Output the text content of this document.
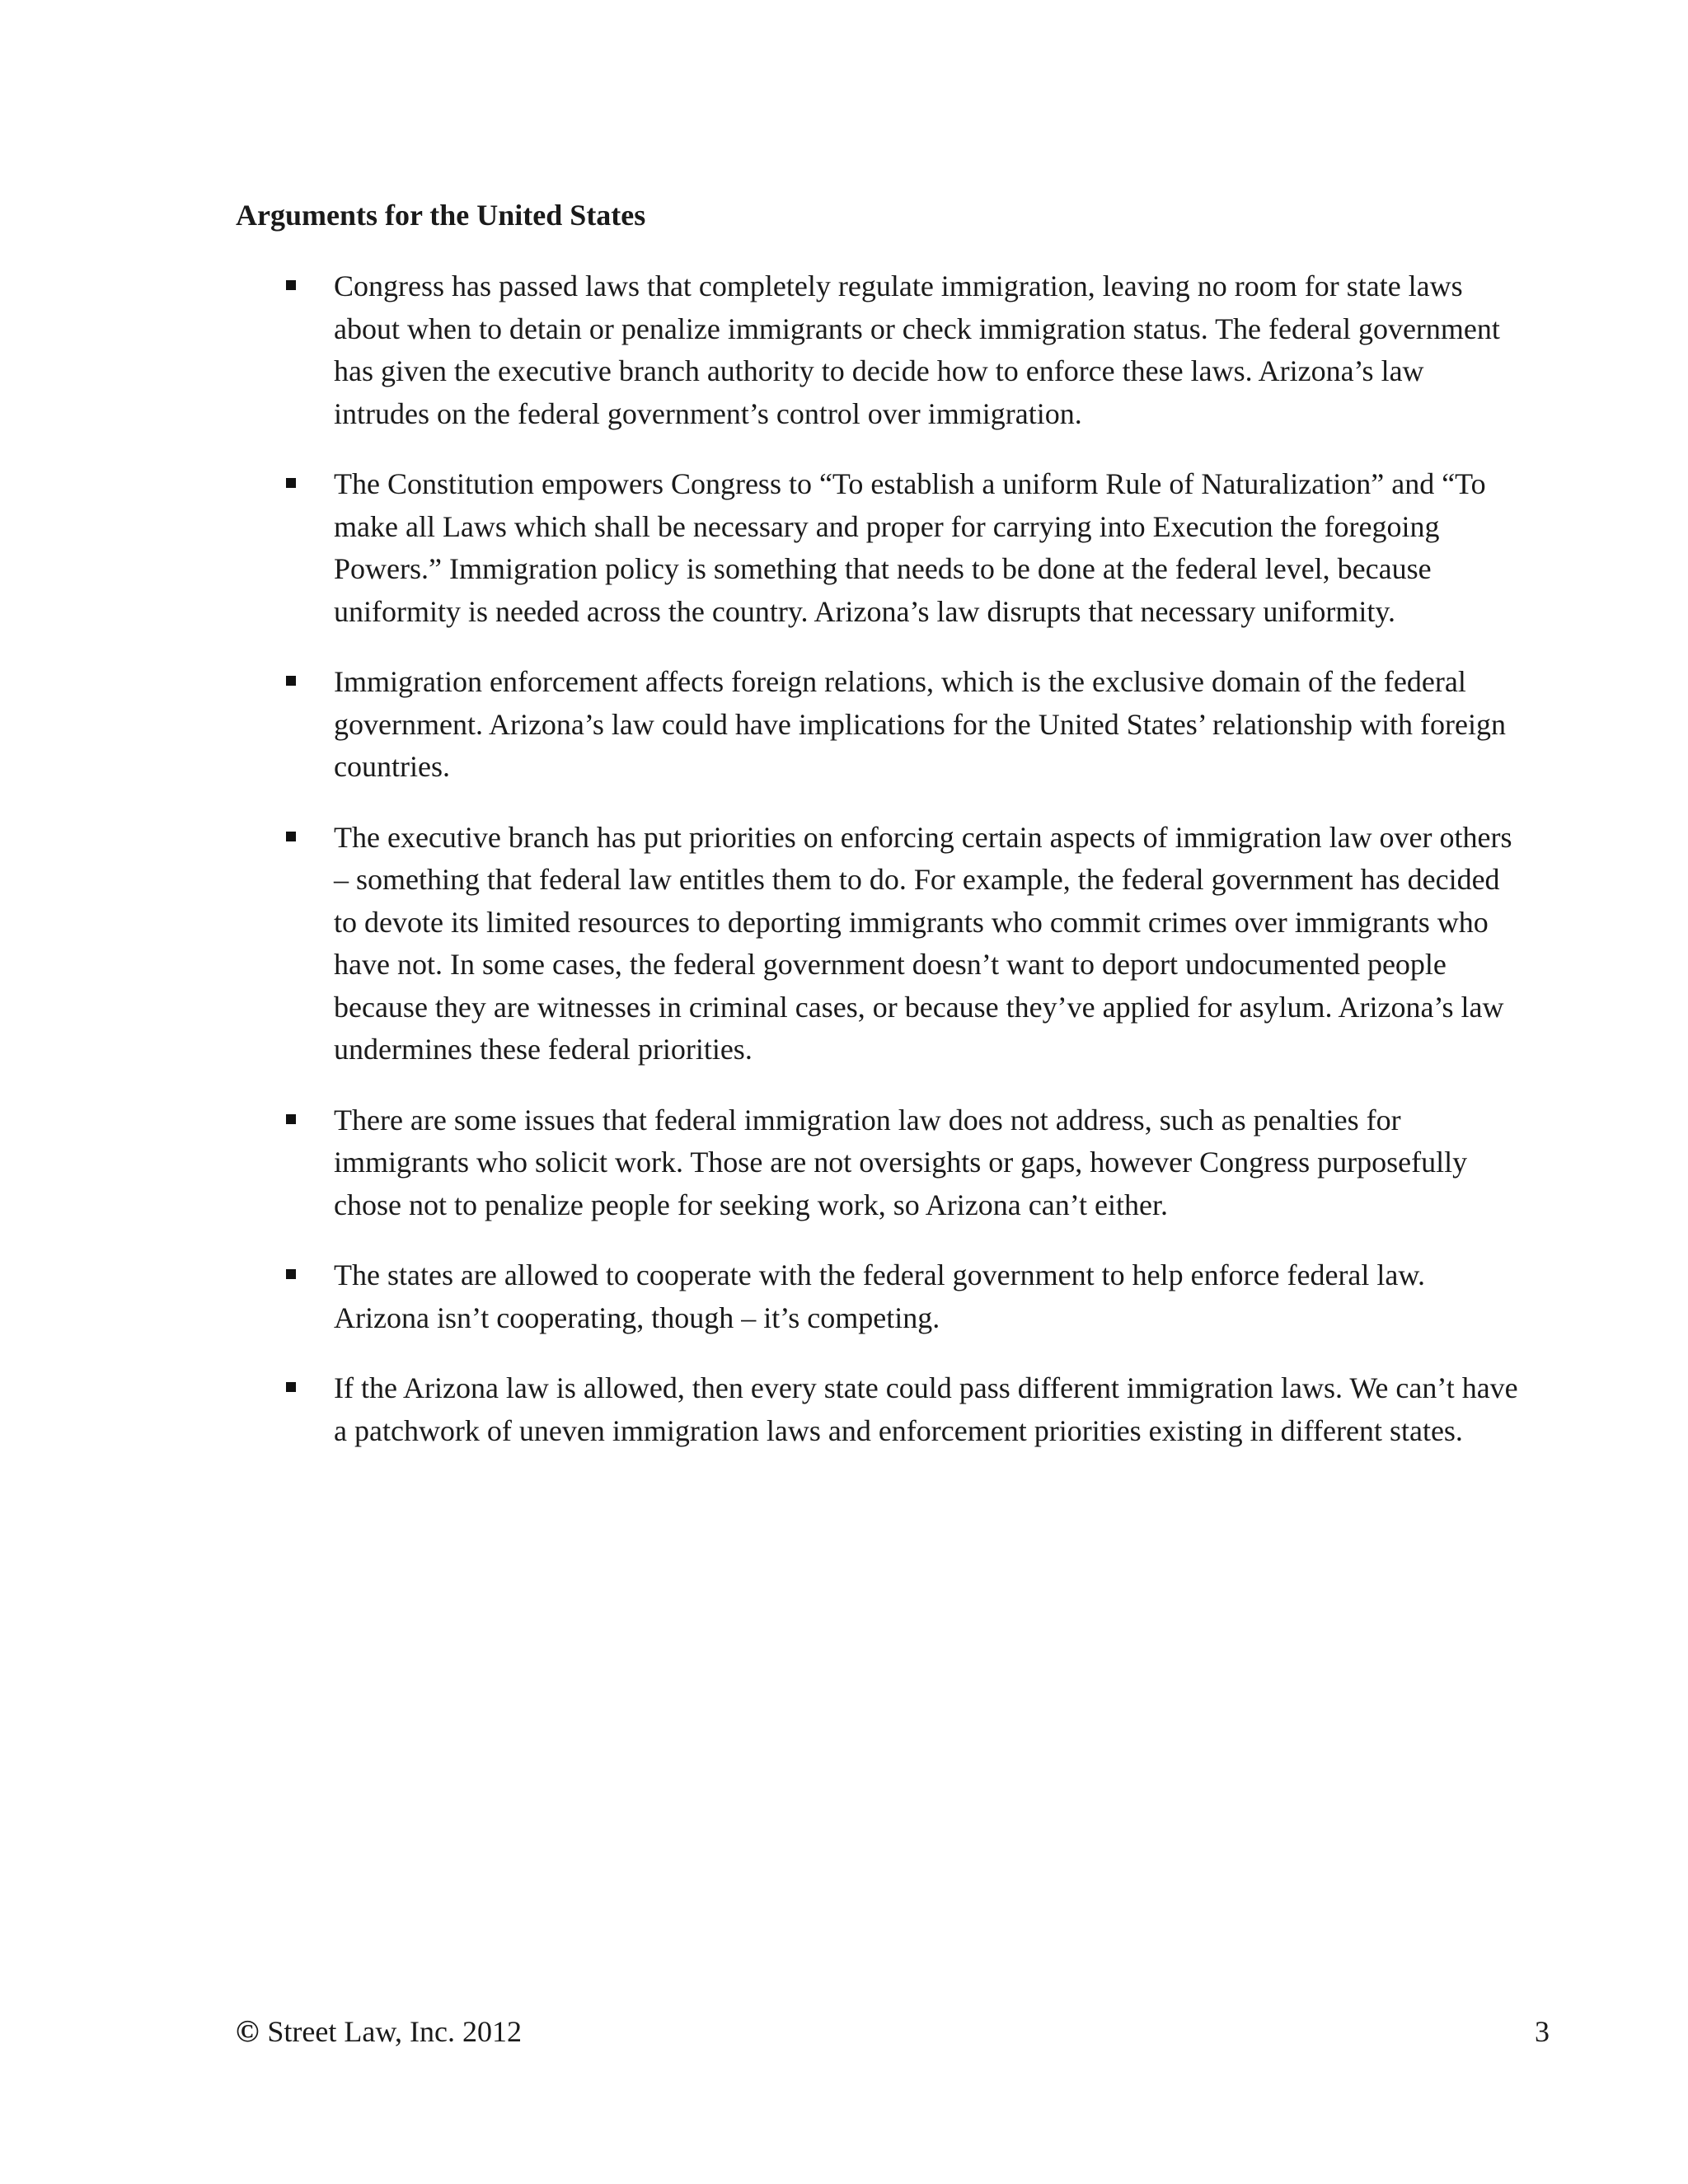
Arguments for the United States
Congress has passed laws that completely regulate immigration, leaving no room for state laws about when to detain or penalize immigrants or check immigration status. The federal government has given the executive branch authority to decide how to enforce these laws. Arizona’s law intrudes on the federal government’s control over immigration.
The Constitution empowers Congress to “To establish a uniform Rule of Naturalization” and “To make all Laws which shall be necessary and proper for carrying into Execution the foregoing Powers.” Immigration policy is something that needs to be done at the federal level, because uniformity is needed across the country. Arizona’s law disrupts that necessary uniformity.
Immigration enforcement affects foreign relations, which is the exclusive domain of the federal government. Arizona’s law could have implications for the United States’ relationship with foreign countries.
The executive branch has put priorities on enforcing certain aspects of immigration law over others – something that federal law entitles them to do. For example, the federal government has decided to devote its limited resources to deporting immigrants who commit crimes over immigrants who have not. In some cases, the federal government doesn’t want to deport undocumented people because they are witnesses in criminal cases, or because they’ve applied for asylum. Arizona’s law undermines these federal priorities.
There are some issues that federal immigration law does not address, such as penalties for immigrants who solicit work. Those are not oversights or gaps, however Congress purposefully chose not to penalize people for seeking work, so Arizona can’t either.
The states are allowed to cooperate with the federal government to help enforce federal law. Arizona isn’t cooperating, though – it’s competing.
If the Arizona law is allowed, then every state could pass different immigration laws. We can’t have a patchwork of uneven immigration laws and enforcement priorities existing in different states.
© Street Law, Inc. 2012	3
